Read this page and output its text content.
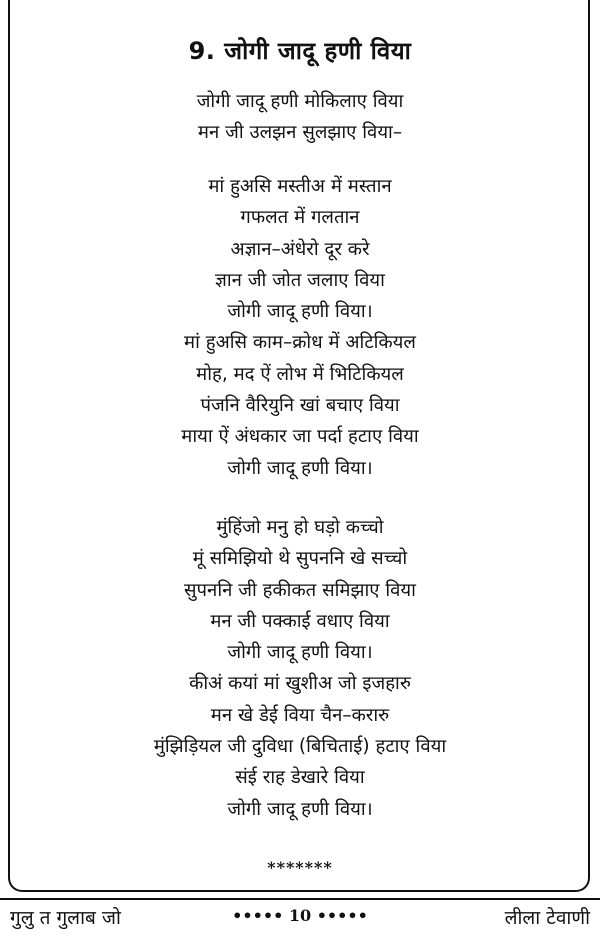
9. जोगी जादू हणी विया
जोगी जादू हणी मोकिलाए विया
मन जी उलझन सुलझाए विया–
मां हुअसि मस्तीअ में मस्तान
गफलत में गलतान
अज्ञान–अंधेरो दूर करे
ज्ञान जी जोत जलाए विया
जोगी जादू हणी विया।
मां हुअसि काम–क्रोध में अटिकियल
मोह, मद ऐं लोभ में भिटिकियल
पंजनि वैरियुनि खां बचाए विया
माया ऐं अंधकार जा पर्दा हटाए विया
जोगी जादू हणी विया।
मुंहिंजो मनु हो घड़ो कच्चो
मूं समिझियो थे सुपननि खे सच्चो
सुपननि जी हकीकत समिझाए विया
मन जी पक्काई वधाए विया
जोगी जादू हणी विया।
कीअं कयां मां खुशीअ जो इजहारु
मन खे डेई विया चैन–करारु
मुंझिड़ियल जी दुविधा (बिचिताई) हटाए विया
संई राह डेखारे विया
जोगी जादू हणी विया।
*******
गुलु त गुलाब जो	••••• 10 •••••	लीला टेवाणी
